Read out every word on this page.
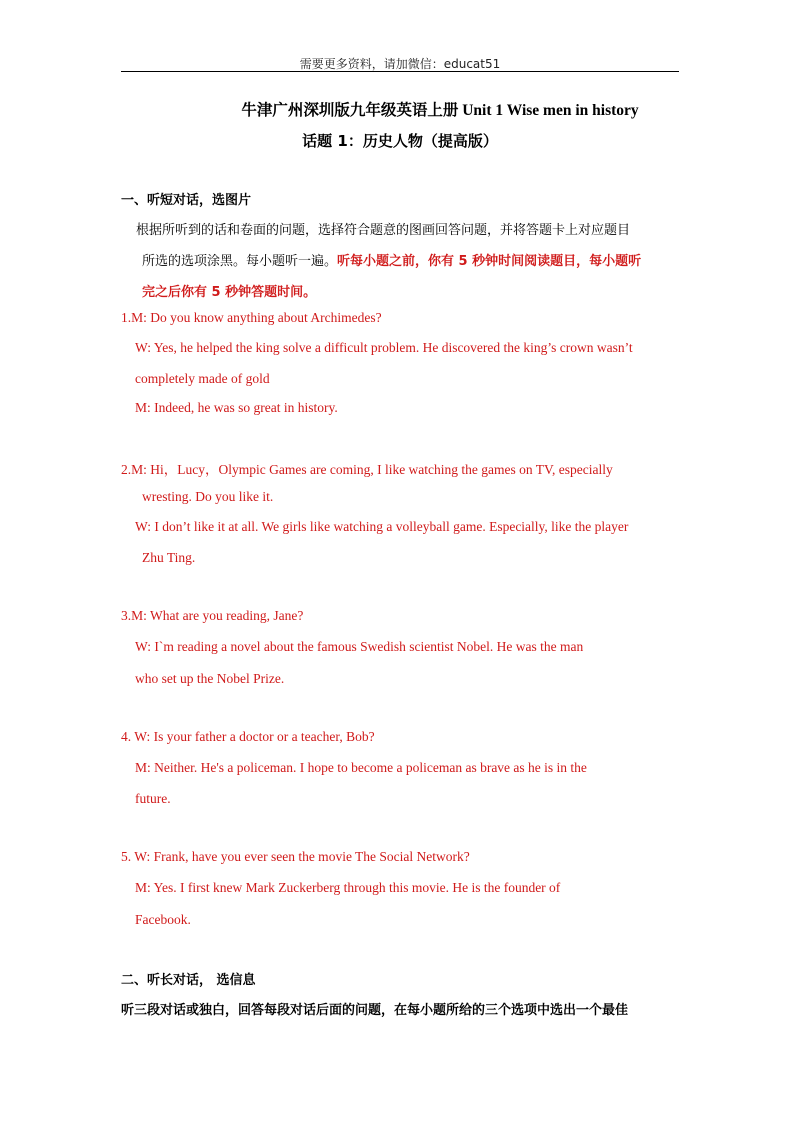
需要更多资料，请加微信：educat51
牛津广州深圳版九年级英语上册 Unit 1 Wise men in history
话题 1：历史人物（提高版）
一、听短对话，选图片
根据所听到的话和卷面的问题，选择符合题意的图画回答问题，并将答题卡上对应题目
所选的选项涂黑。每小题听一遍。听每小题之前，你有 5 秒钟时间阅读题目，每小题听
完之后你有 5 秒钟答题时间。
1.M: Do you know anything about Archimedes?
W: Yes, he helped the king solve a difficult problem. He discovered the king’s crown wasn’t
completely made of gold
M: Indeed, he was so great in history.
2.M: Hi，Lucy，Olympic Games are coming, I like watching the games on TV, especially
wresting. Do you like it.
W: I don’t like it at all. We girls like watching a volleyball game. Especially, like the player
Zhu Ting.
3.M: What are you reading, Jane?
W: I`m reading a novel about the famous Swedish scientist Nobel. He was the man
who set up the Nobel Prize.
4. W: Is your father a doctor or a teacher, Bob?
M: Neither. He's a policeman. I hope to become a policeman as brave as he is in the
future.
5. W: Frank, have you ever seen the movie The Social Network?
M: Yes. I first knew Mark Zuckerberg through this movie. He is the founder of
Facebook.
二、听长对话， 选信息
听三段对话或独白，回答每段对话后面的问题，在每小题所给的三个选项中选出一个最佳
